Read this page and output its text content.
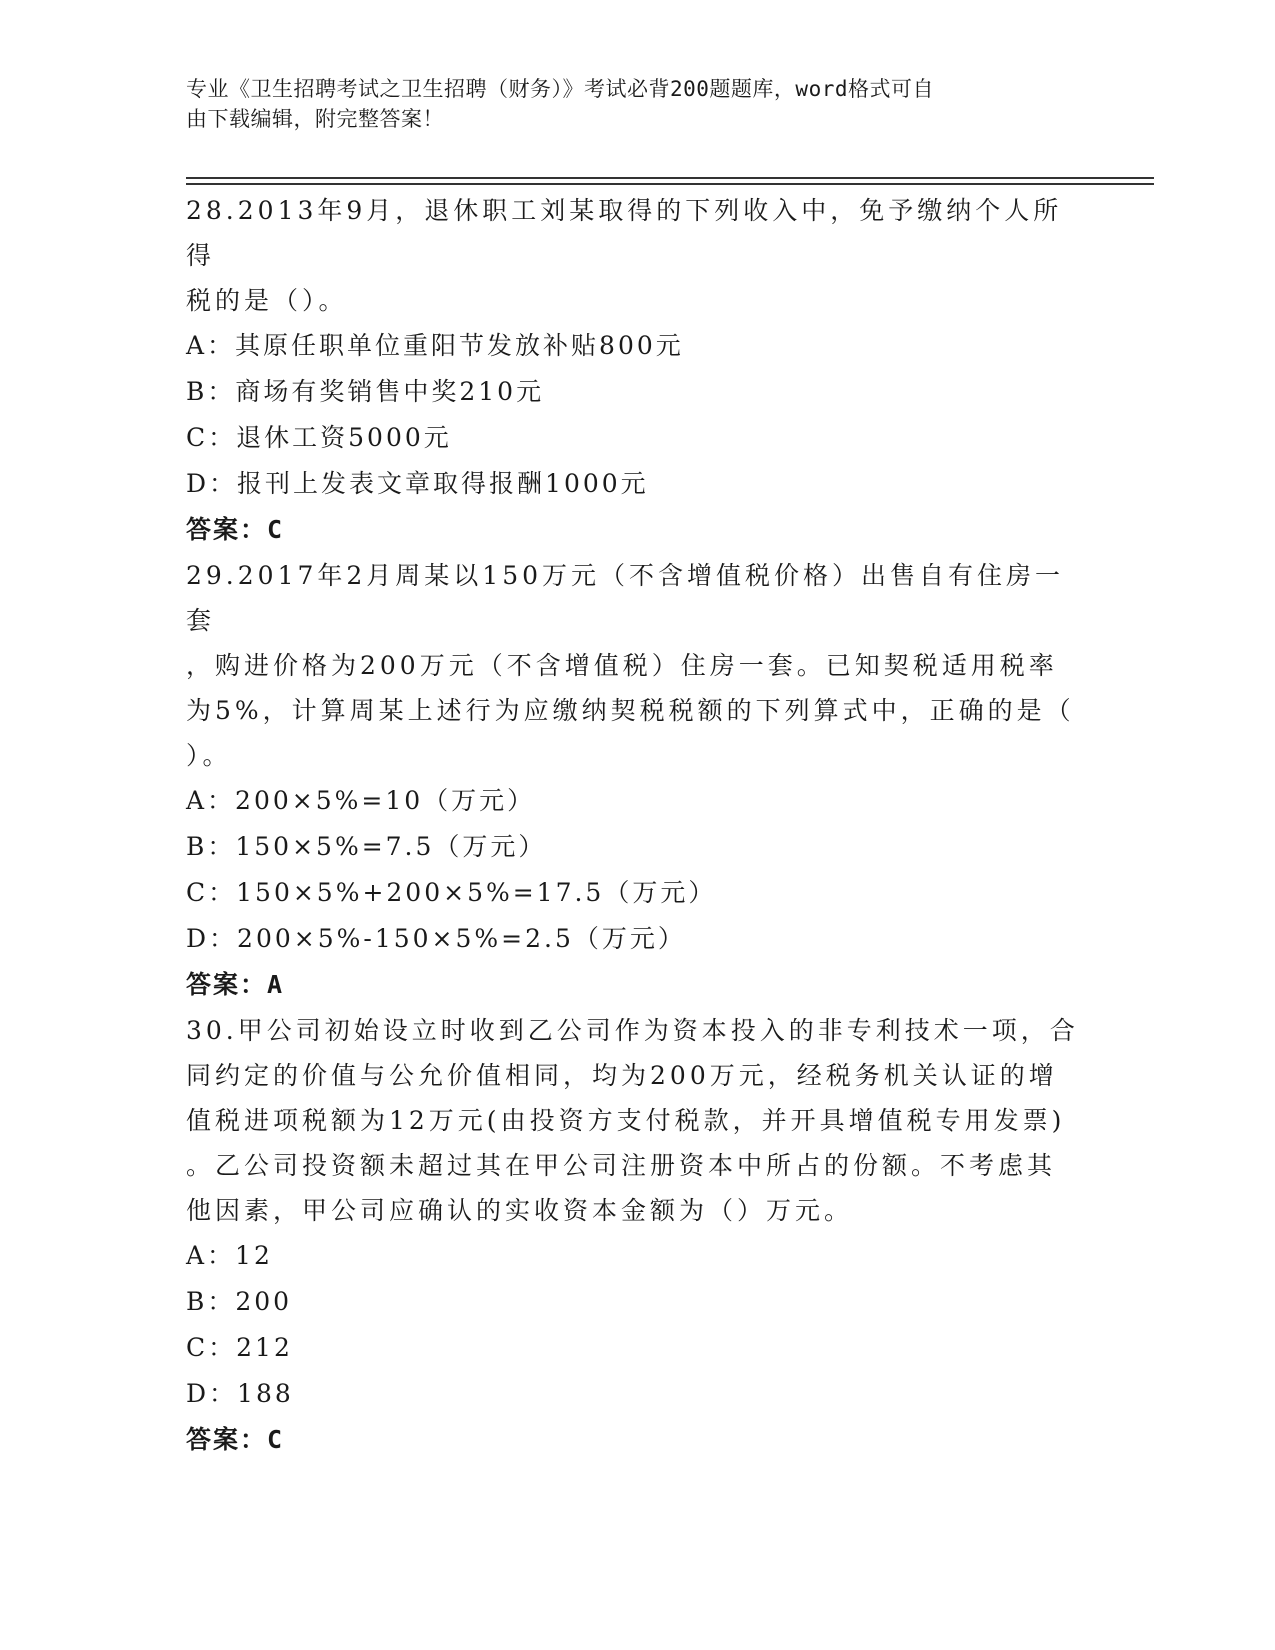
专业《卫生招聘考试之卫生招聘（财务）》考试必背200题题库，word格式可自
由下载编辑，附完整答案！

28.2013年9月，退休职工刘某取得的下列收入中，免予缴纳个人所得

税的是（）。

A：其原任职单位重阳节发放补贴800元

B：商场有奖销售中奖210元

C：退休工资5000元

D：报刊上发表文章取得报酬1000元

答案：C

29.2017年2月周某以150万元（不含增值税价格）出售自有住房一套

，购进价格为200万元（不含增值税）住房一套。已知契税适用税率

为5%，计算周某上述行为应缴纳契税税额的下列算式中，正确的是（

）。

A：200×5%=10（万元）

B：150×5%=7.5（万元）

C：150×5%+200×5%=17.5（万元）

D：200×5%-150×5%=2.5（万元）

答案：A

30.甲公司初始设立时收到乙公司作为资本投入的非专利技术一项，合

同约定的价值与公允价值相同，均为200万元，经税务机关认证的增

值税进项税额为12万元(由投资方支付税款，并开具增值税专用发票)

。乙公司投资额未超过其在甲公司注册资本中所占的份额。不考虑其

他因素，甲公司应确认的实收资本金额为（）万元。

A：12

B：200

C：212

D：188

答案：C
